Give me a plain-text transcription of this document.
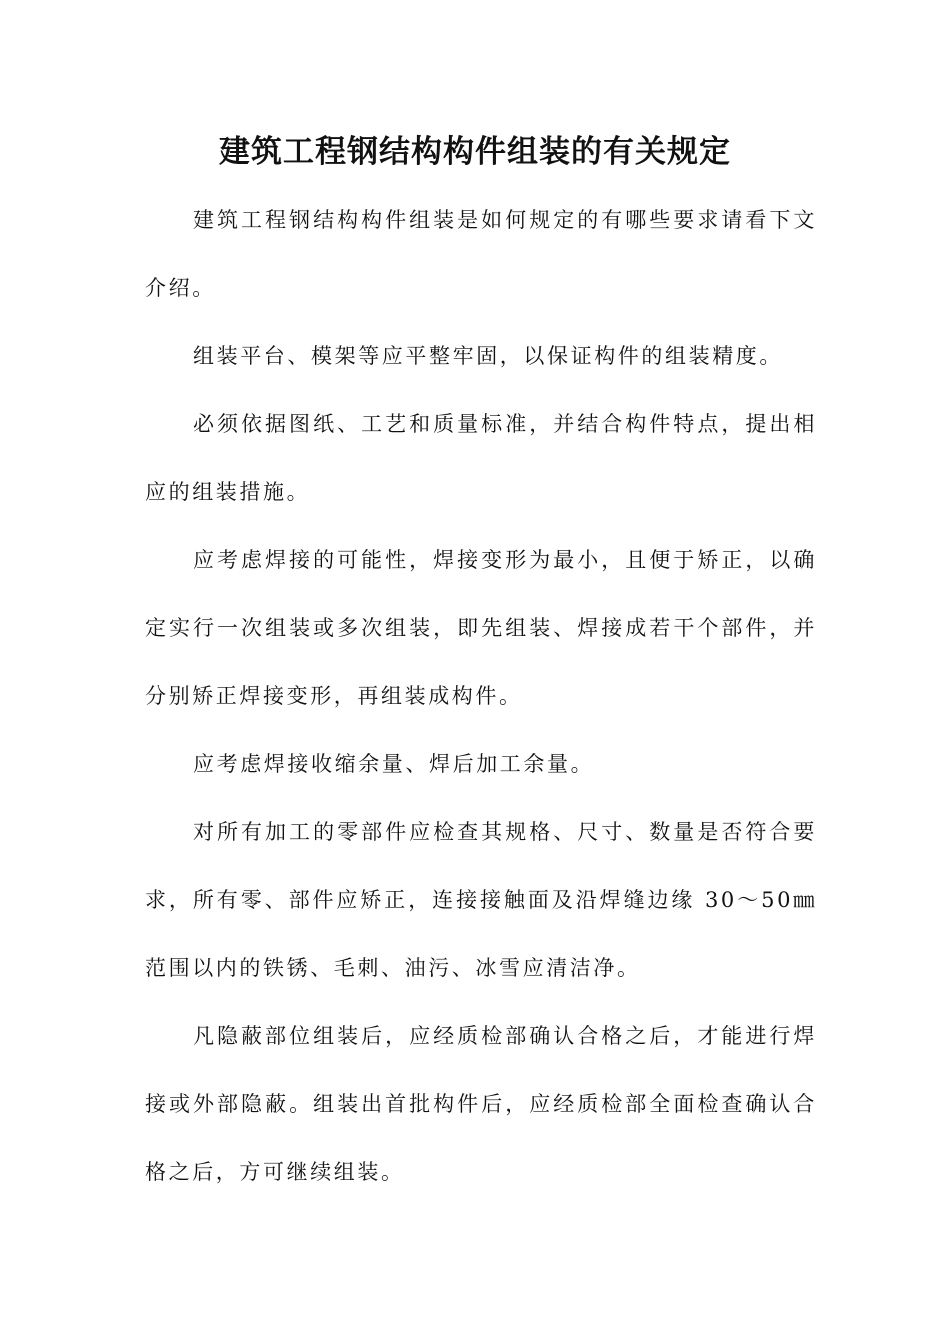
建筑工程钢结构构件组装的有关规定

建筑工程钢结构构件组装是如何规定的有哪些要求请看下文介绍。

组装平台、模架等应平整牢固，以保证构件的组装精度。

必须依据图纸、工艺和质量标准，并结合构件特点，提出相应的组装措施。

应考虑焊接的可能性，焊接变形为最小，且便于矫正，以确定实行一次组装或多次组装，即先组装、焊接成若干个部件，并分别矫正焊接变形，再组装成构件。

应考虑焊接收缩余量、焊后加工余量。

对所有加工的零部件应检查其规格、尺寸、数量是否符合要求，所有零、部件应矫正，连接接触面及沿焊缝边缘 30～50㎜范围以内的铁锈、毛刺、油污、冰雪应清洁净。

凡隐蔽部位组装后，应经质检部确认合格之后，才能进行焊接或外部隐蔽。组装出首批构件后，应经质检部全面检查确认合格之后，方可继续组装。
